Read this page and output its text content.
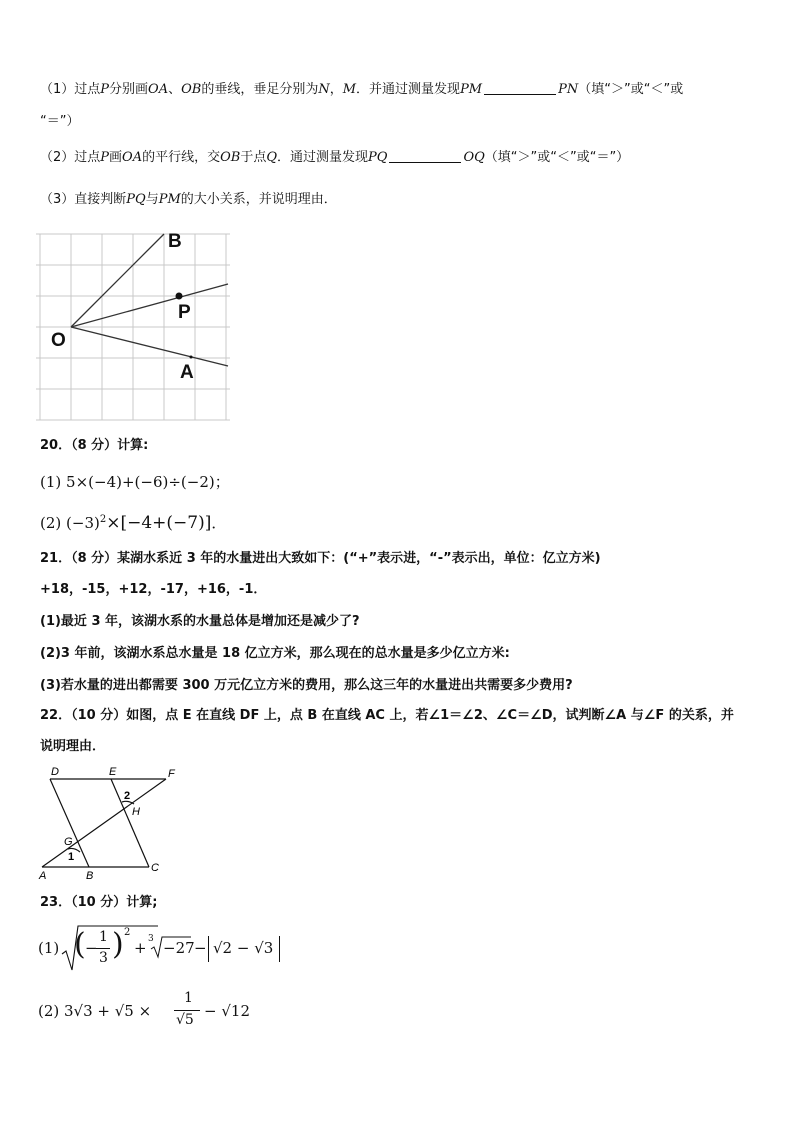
（1）过点P分别画OA、OB的垂线，垂足分别为N，M．并通过测量发现PM	PN（填“＞”或“＜”或
“＝”）
（2）过点P画OA的平行线，交OB于点Q．通过测量发现PQ	OQ（填“＞”或“＜”或“＝”）
（3）直接判断PQ与PM的大小关系，并说明理由．
B
P
O
A
20．（8 分）计算:
(1) 5×(−4)+(−6)÷(−2)；
(2) $(-3)^2\times[-4+(-7)]$．
21．（8 分）某湖水系近 3 年的水量进出大致如下：(“+”表示进，“-”表示出，单位：亿立方米)
+18，-15，+12，-17，+16，-1．
(1)最近 3 年，该湖水系的水量总体是增加还是减少了?
(2)3 年前，该湖水系总水量是 18 亿立方米，那么现在的总水量是多少亿立方米:
(3)若水量的进出都需要 300 万元亿立方米的费用，那么这三年的水量进出共需要多少费用?
22．（10 分）如图，点 E 在直线 DF 上，点 B 在直线 AC 上，若∠1＝∠2、∠C＝∠D，试判断∠A 与∠F 的关系，并
说明理由．
D	E	F
2
H
G
1
A	B
C
23．（10 分）计算;
(1) ( −
1
3 ) 2
+ 3 −27 − √2 − √3
(2) 3√3 + √5 ×
1
√5 − √12
